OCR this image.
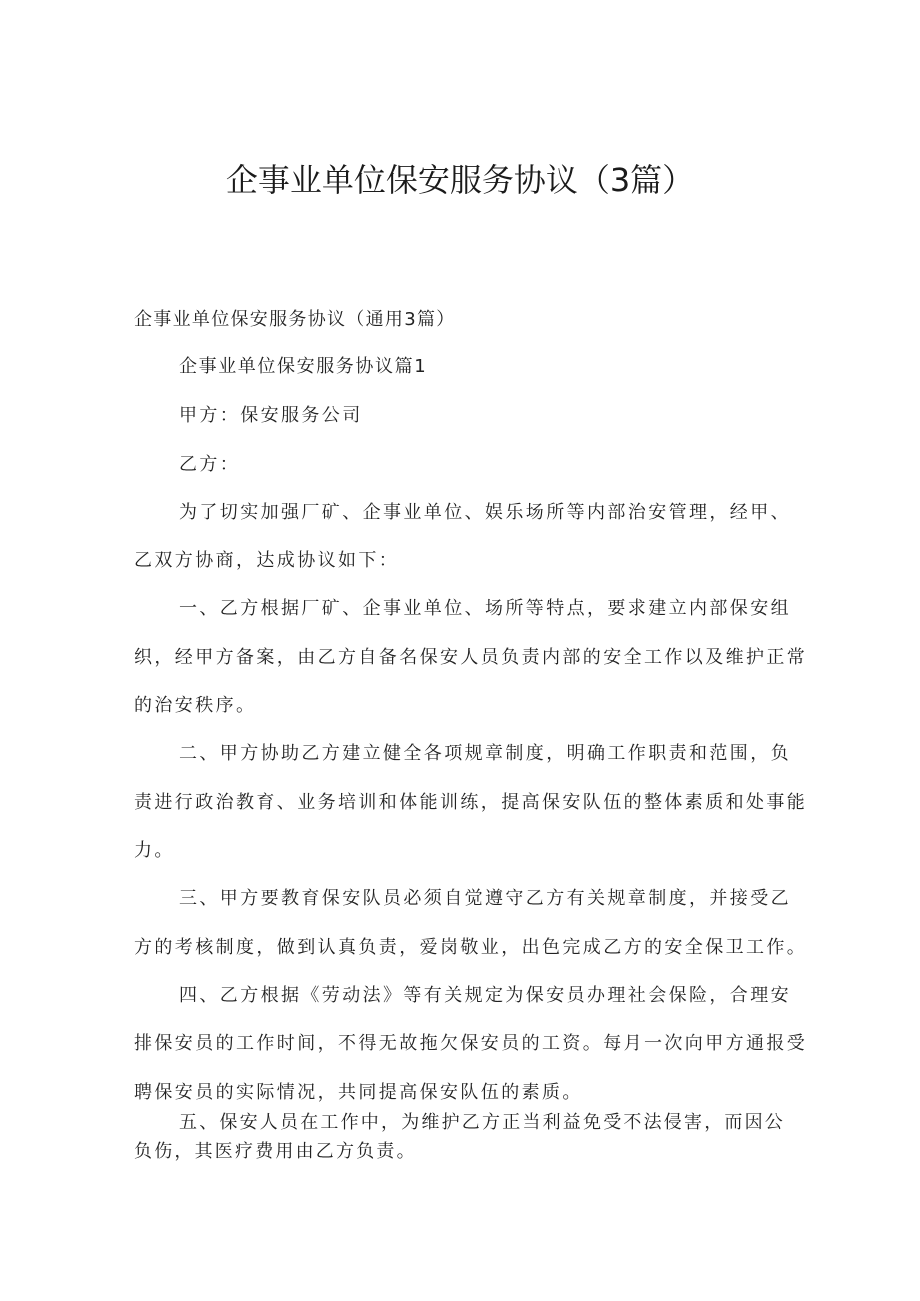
企事业单位保安服务协议（3篇）
企事业单位保安服务协议（通用3篇）
企事业单位保安服务协议篇1
甲方：保安服务公司
乙方：
为了切实加强厂矿、企事业单位、娱乐场所等内部治安管理，经甲、
乙双方协商，达成协议如下：
一、乙方根据厂矿、企事业单位、场所等特点，要求建立内部保安组
织，经甲方备案，由乙方自备名保安人员负责内部的安全工作以及维护正常
的治安秩序。
二、甲方协助乙方建立健全各项规章制度，明确工作职责和范围，负
责进行政治教育、业务培训和体能训练，提高保安队伍的整体素质和处事能
力。
三、甲方要教育保安队员必须自觉遵守乙方有关规章制度，并接受乙
方的考核制度，做到认真负责，爱岗敬业，出色完成乙方的安全保卫工作。
四、乙方根据《劳动法》等有关规定为保安员办理社会保险，合理安
排保安员的工作时间，不得无故拖欠保安员的工资。每月一次向甲方通报受
聘保安员的实际情况，共同提高保安队伍的素质。
五、保安人员在工作中，为维护乙方正当利益免受不法侵害，而因公
负伤，其医疗费用由乙方负责。
